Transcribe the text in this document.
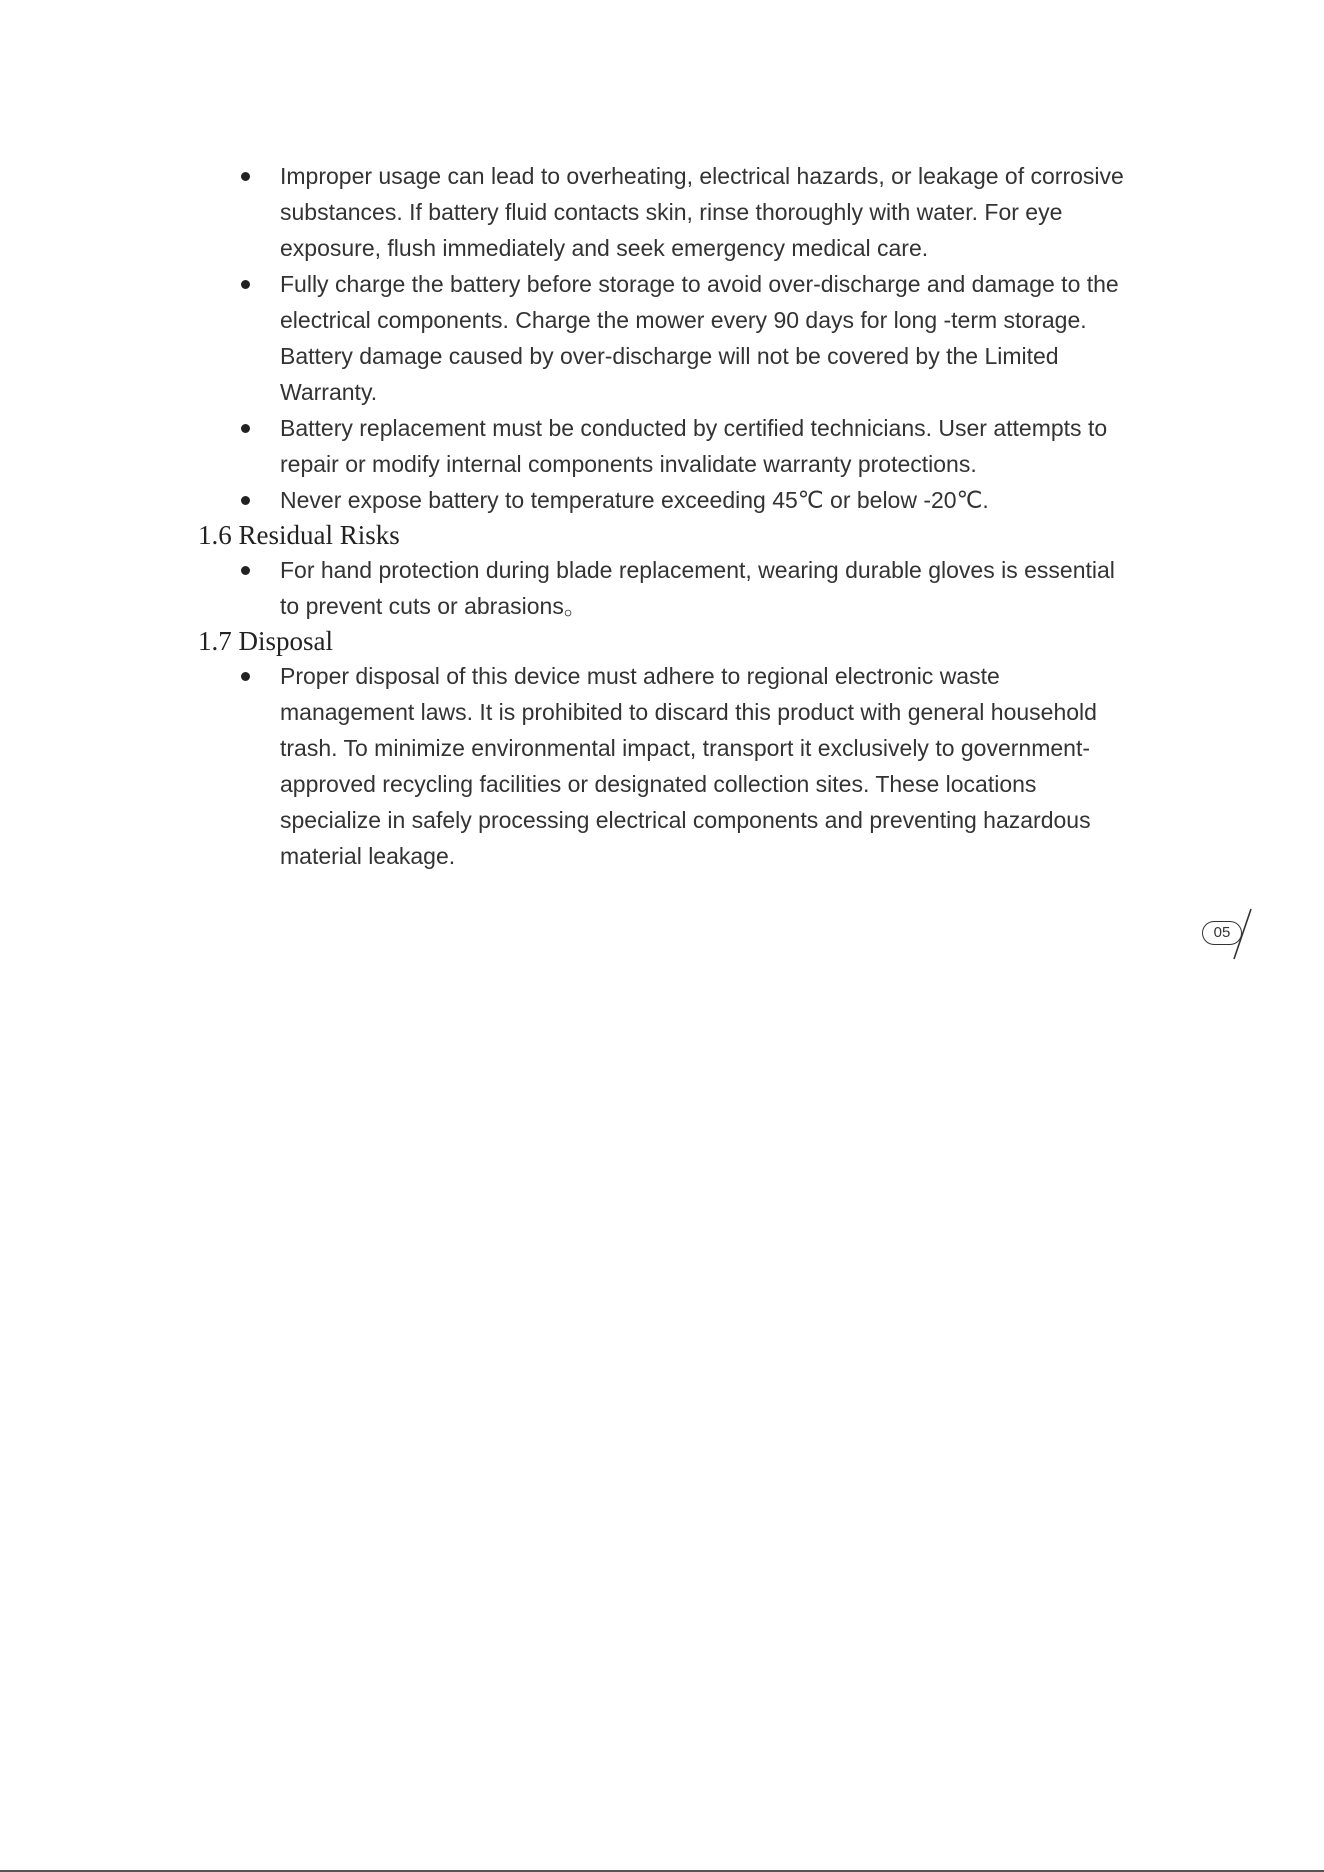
Improper usage can lead to overheating, electrical hazards, or leakage of corrosive substances. If battery fluid contacts skin, rinse thoroughly with water. For eye exposure, flush immediately and seek emergency medical care.
Fully charge the battery before storage to avoid over-discharge and damage to the electrical components. Charge the mower every 90 days for long -term storage. Battery damage caused by over-discharge will not be covered by the Limited Warranty.
Battery replacement must be conducted by certified technicians. User attempts to repair or modify internal components invalidate warranty protections.
Never expose battery to temperature exceeding 45℃ or below -20℃.
1.6 Residual Risks
For hand protection during blade replacement, wearing durable gloves is essential to prevent cuts or abrasions。
1.7 Disposal
Proper disposal of this device must adhere to regional electronic waste management laws. It is prohibited to discard this product with general household trash. To minimize environmental impact, transport it exclusively to government-approved recycling facilities or designated collection sites. These locations specialize in safely processing electrical components and preventing hazardous material leakage.
05
